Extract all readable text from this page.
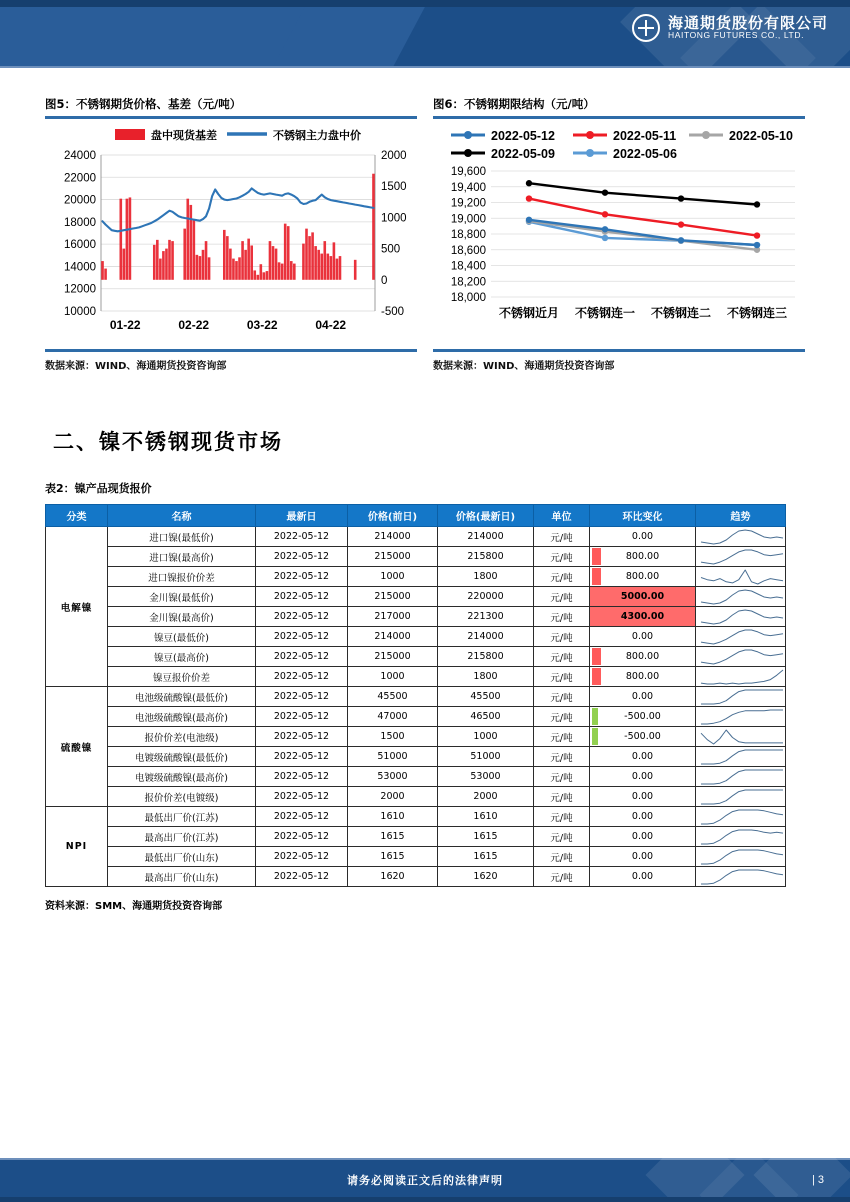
海通期货股份有限公司
HAITONG FUTURES CO., LTD.
图5：不锈钢期货价格、基差（元/吨）
盘中现货基差	不锈钢主力盘中价
10000
12000
14000
16000
18000
20000
22000
24000
-500
0
500
1000
1500
2000
01-22	02-22	03-22	04-22
数据来源：WIND、海通期货投资咨询部
图6：不锈钢期限结构（元/吨）
2022-05-12	2022-05-11	2022-05-10
2022-05-09	2022-05-06
18,000
18,200
18,400
18,600
18,800
19,000
19,200
19,400
19,600
不锈钢近月 不锈钢连一 不锈钢连二 不锈钢连三
数据来源：WIND、海通期货投资咨询部
二、镍不锈钢现货市场
表2：镍产品现货报价
分类	名称	最新日	价格(前日)	价格(最新日)	单位	环比变化	趋势
电解镍	进口镍(最低价)	2022-05-12	214000	214000	元/吨	0.00	

	进口镍(最高价)	2022-05-12	215000	215800	元/吨	800.00	

	进口镍报价价差	2022-05-12	1000	1800	元/吨	800.00	

	金川镍(最低价)	2022-05-12	215000	220000	元/吨	5000.00	

	金川镍(最高价)	2022-05-12	217000	221300	元/吨	4300.00	

	镍豆(最低价)	2022-05-12	214000	214000	元/吨	0.00	

	镍豆(最高价)	2022-05-12	215000	215800	元/吨	800.00	

	镍豆报价价差	2022-05-12	1000	1800	元/吨	800.00	

硫酸镍	电池级硫酸镍(最低价)	2022-05-12	45500	45500	元/吨	0.00	

	电池级硫酸镍(最高价)	2022-05-12	47000	46500	元/吨	-500.00	

	报价价差(电池级)	2022-05-12	1500	1000	元/吨	-500.00	

	电镀级硫酸镍(最低价)	2022-05-12	51000	51000	元/吨	0.00	

	电镀级硫酸镍(最高价)	2022-05-12	53000	53000	元/吨	0.00	

	报价价差(电镀级)	2022-05-12	2000	2000	元/吨	0.00	

NPI	最低出厂价(江苏)	2022-05-12	1610	1610	元/吨	0.00	

	最高出厂价(江苏)	2022-05-12	1615	1615	元/吨	0.00	

	最低出厂价(山东)	2022-05-12	1615	1615	元/吨	0.00	

	最高出厂价(山东)	2022-05-12	1620	1620	元/吨	0.00	
资料来源：SMM、海通期货投资咨询部
请务必阅读正文后的法律声明	| 3
